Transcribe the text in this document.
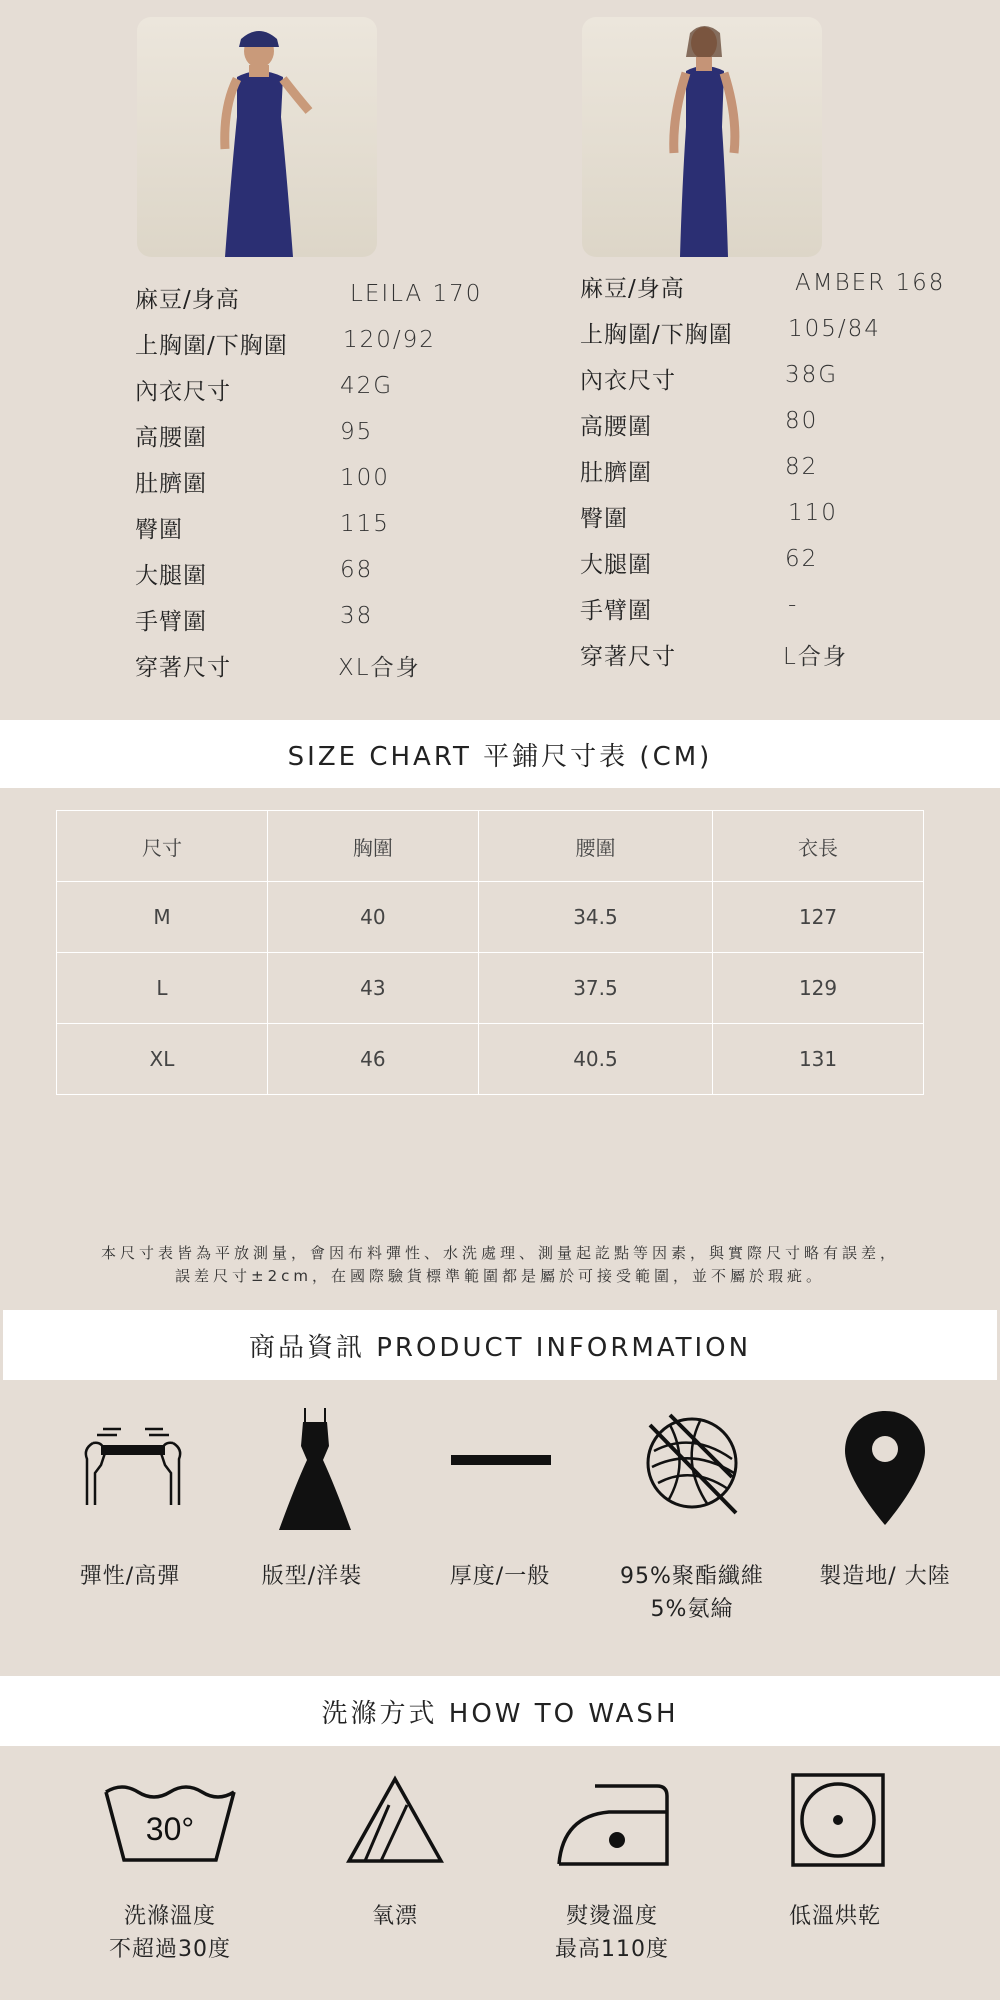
麻豆/身高	LEILA 170
上胸圍/下胸圍 120/92
內衣尺寸	42G
高腰圍	95
肚臍圍	100
臀圍	115
大腿圍	68
手臂圍	38
穿著尺寸	XL合身
麻豆/身高	AMBER 168
上胸圍/下胸圍 105/84
內衣尺寸	38G
高腰圍	80
肚臍圍	82
臀圍	110
大腿圍	62
手臂圍	-
穿著尺寸	L合身
SIZE CHART 平鋪尺寸表 (CM)
尺寸	胸圍	腰圍	衣長
M	40	34.5	127
L	43	37.5	129
XL	46	40.5	131
本尺寸表皆為平放測量，會因布料彈性、水洗處理、測量起訖點等因素，與實際尺寸略有誤差，
誤差尺寸±2cm，在國際驗貨標準範圍都是屬於可接受範圍，並不屬於瑕疵。
商品資訊 PRODUCT INFORMATION
彈性/高彈	版型/洋裝	厚度/一般	95%聚酯纖維
5%氨綸
製造地/ 大陸
洗滌方式 HOW TO WASH
30°
洗滌溫度
不超過30度
氧漂	熨燙溫度
最高110度
低溫烘乾
